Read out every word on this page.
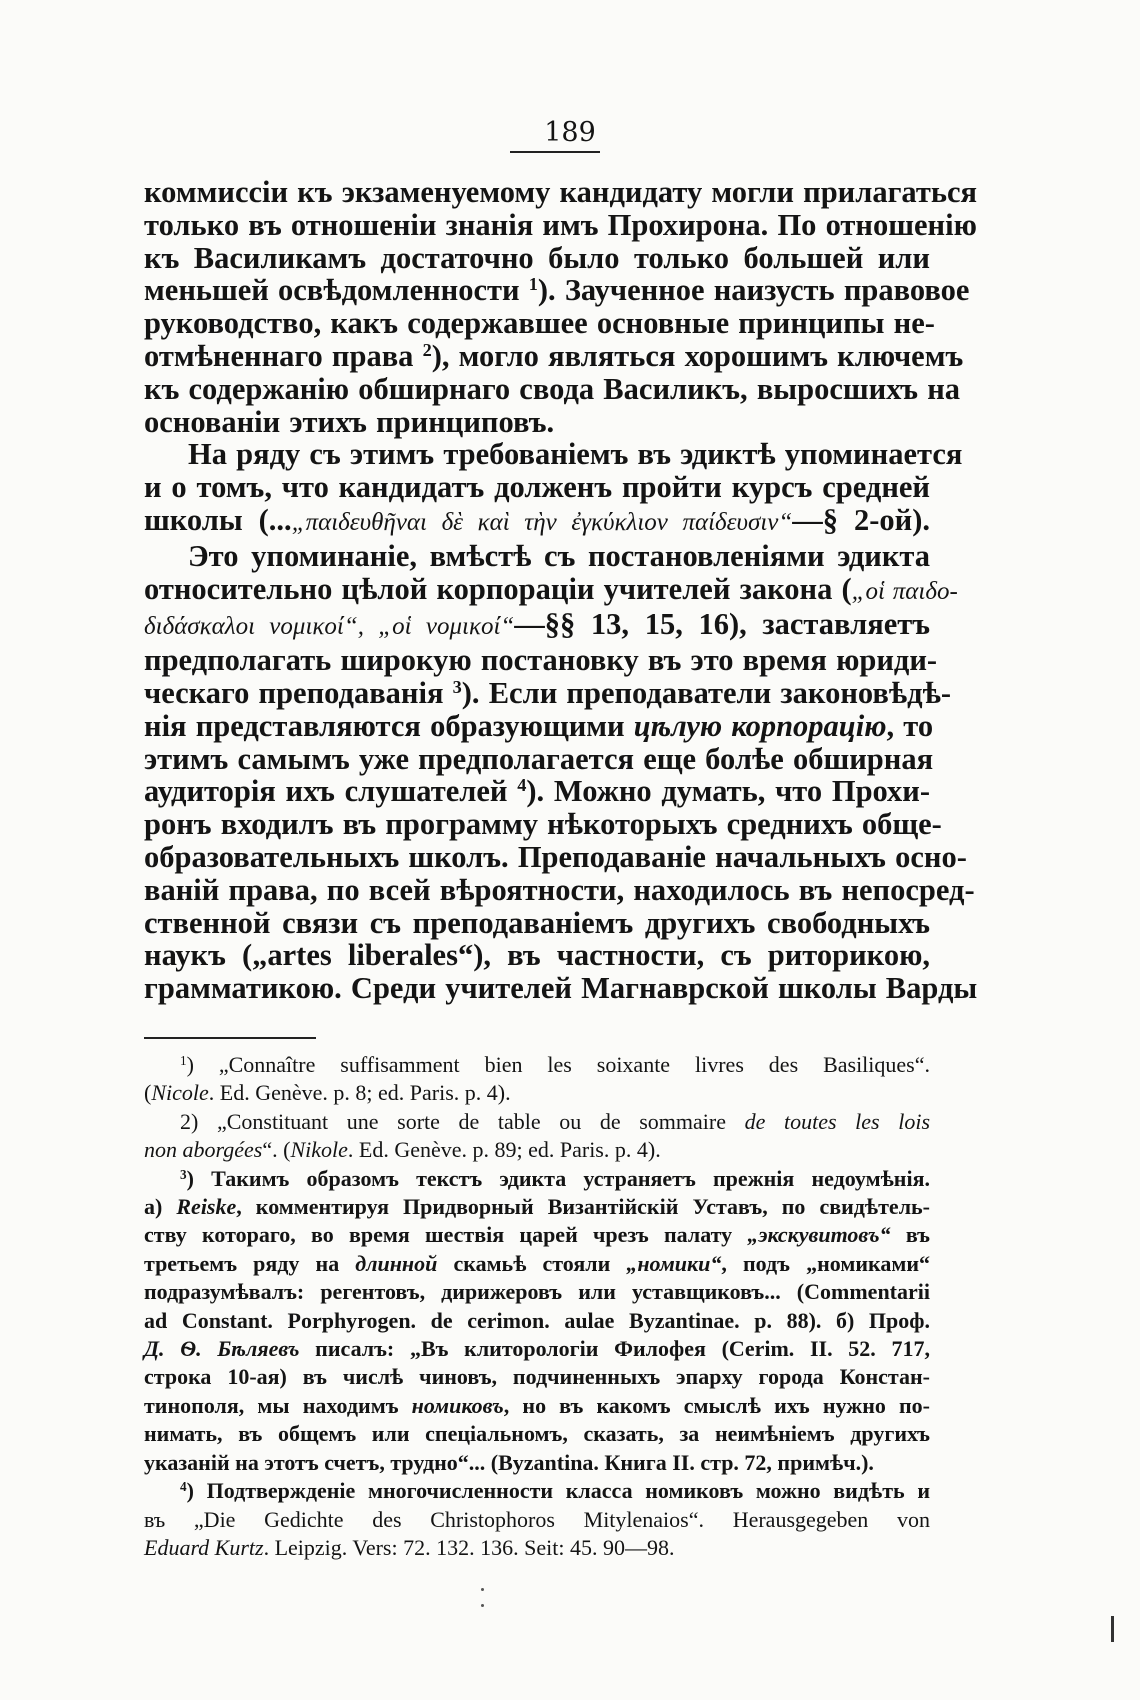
189
коммиссіи къ экзаменуемому кандидату могли прилагаться
только въ отношеніи знанія имъ Прохирона. По отношенію
къ Василикамъ достаточно было только большей или
меньшей освѣдомленности $^1$). Заученное наизусть правовое
руководство, какъ содержавшее основные принципы не-
отмѣненнаго права $^2$), могло являться хорошимъ ключемъ
къ содержанію обширнаго свода Василикъ, выросшихъ на
основаніи этихъ принциповъ.
На ряду съ этимъ требованіемъ въ эдиктѣ упоминается
и о томъ, что кандидатъ долженъ пройти курсъ средней
школы (...„παιδευθῆναι δὲ καὶ τὴν ἐγκύκλιον παίδευσιν“—§ 2-ой).
Это упоминаніе, вмѣстѣ съ постановленіями эдикта
относительно цѣлой корпораціи учителей закона („οἱ παιδο-
διδάσκαλοι νομικοί“, „οἱ νομικοί“—§§ 13, 15, 16), заставляетъ
предполагать широкую постановку въ это время юриди-
ческаго преподаванія $^3$). Если преподаватели законовѣдѣ-
нія представляются образующими цѣлую корпорацію, то
этимъ самымъ уже предполагается еще болѣе обширная
аудиторія ихъ слушателей $^4$). Можно думать, что Прохи-
ронъ входилъ въ программу нѣкоторыхъ среднихъ обще-
образовательныхъ школъ. Преподаваніе начальныхъ осно-
ваній права, по всей вѣроятности, находилось въ непосред-
ственной связи съ преподаваніемъ другихъ свободныхъ
наукъ („artes liberales“), въ частности, съ риторикою,
грамматикою. Среди учителей Магнаврской школы Варды
$^1$) „Connaître suffisamment bien les soixante livres des Basiliques“.
(Nicole. Ed. Genève. p. 8; ed. Paris. p. 4).
2) „Constituant une sorte de table ou de sommaire de toutes les lois
non aborgées“. (Nikole. Ed. Genève. p. 89; ed. Paris. p. 4).
$^3$) Такимъ образомъ текстъ эдикта устраняетъ прежнія недоумѣнія.
а) Reiske, комментируя Придворный Византійскій Уставъ, по свидѣтель-
ству котораго, во время шествія царей чрезъ палату „экскувитовъ“ въ
третьемъ ряду на длинной скамьѣ стояли „номики“, подъ „номиками“
подразумѣвалъ: регентовъ, дирижеровъ или уставщиковъ... (Commentarii
ad Constant. Porphyrogen. de cerimon. aulae Byzantinae. p. 88). б) Проф.
Д. Ѳ. Бѣляевъ писалъ: „Въ клиторологіи Филофея (Cerim. II. 52. 717,
строка 10-ая) въ числѣ чиновъ, подчиненныхъ эпарху города Констан-
тинополя, мы находимъ номиковъ, но въ какомъ смыслѣ ихъ нужно по-
нимать, въ общемъ или спеціальномъ, сказать, за неимѣніемъ другихъ
указаній на этотъ счетъ, трудно“... (Byzantina. Книга II. стр. 72, примѣч.).
$^4$) Подтвержденіе многочисленности класса номиковъ можно видѣть и
въ „Die Gedichte des Christophoros Mitylenaios“. Herausgegeben von
Eduard Kurtz. Leipzig. Vers: 72. 132. 136. Seit: 45. 90—98.
